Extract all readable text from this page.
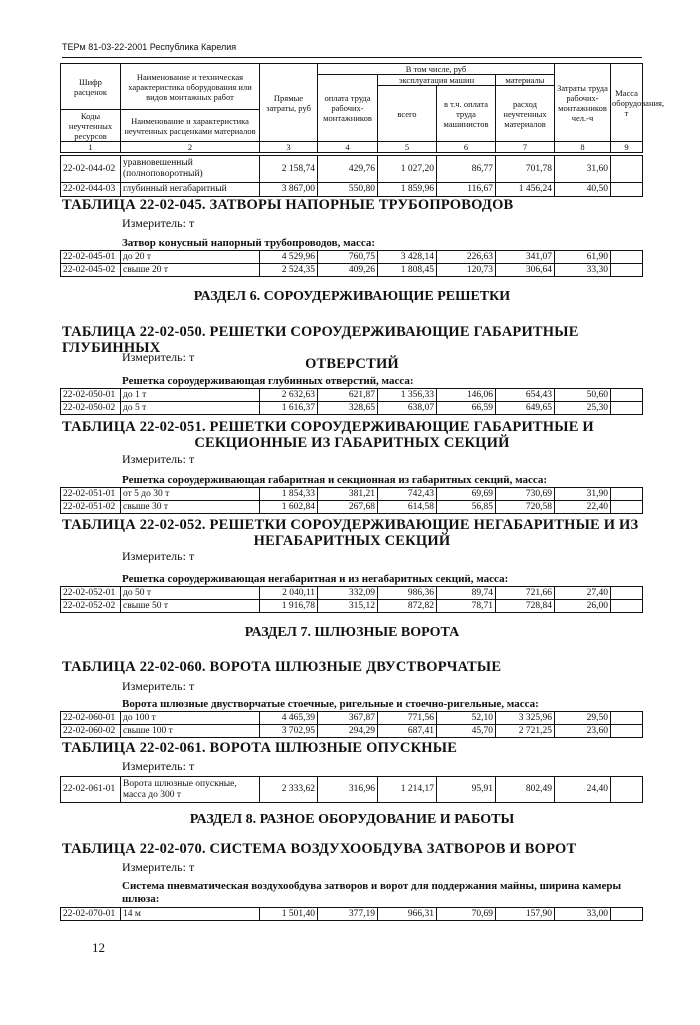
ТЕРм 81-03-22-2001 Республика Карелия
Шифр расценок	Наименование и техническая характеристика оборудования или видов монтажных работ	Прямые затраты, руб	В том числе, руб				Затраты труда рабочих-монтажников чел.-ч	Масса оборудования, т
			оплата труда рабочих-монтажников	эксплуатация машин		материалы		
				всего	в т.ч. оплата труда машинистов	расход неучтенных материалов		
Коды неучтенных ресурсов	Наименование и характеристика неучтенных расценками материалов							

1	2	3	4	5	6	7	8	9
22-02-044-02	уравновешенный (полноповоротный)	2 158,74	429,76	1 027,20	86,77	701,78	31,60	
22-02-044-03	глубинный негабаритный	3 867,00	550,80	1 859,96	116,67	1 456,24	40,50	
ТАБЛИЦА 22-02-045. ЗАТВОРЫ НАПОРНЫЕ ТРУБОПРОВОДОВ
Измеритель: т
Затвор конусный напорный трубопроводов, масса:
22-02-045-01	до 20 т	4 529,96	760,75	3 428,14	226,63	341,07	61,90	
22-02-045-02	свыше 20 т	2 524,35	409,26	1 808,45	120,73	306,64	33,30	
РАЗДЕЛ 6. СОРОУДЕРЖИВАЮЩИЕ РЕШЕТКИ
ТАБЛИЦА 22-02-050. РЕШЕТКИ СОРОУДЕРЖИВАЮЩИЕ ГАБАРИТНЫЕ ГЛУБИННЫХ
ОТВЕРСТИЙ
Измеритель: т
Решетка сороудерживающая глубинных отверстий, масса:
22-02-050-01	до 1 т	2 632,63	621,87	1 356,33	146,06	654,43	50,60	
22-02-050-02	до 5 т	1 616,37	328,65	638,07	66,59	649,65	25,30	
ТАБЛИЦА 22-02-051. РЕШЕТКИ СОРОУДЕРЖИВАЮЩИЕ ГАБАРИТНЫЕ И
СЕКЦИОННЫЕ ИЗ ГАБАРИТНЫХ СЕКЦИЙ
Измеритель: т
Решетка сороудерживающая габаритная и секционная из габаритных секций, масса:
22-02-051-01	от 5 до 30 т	1 854,33	381,21	742,43	69,69	730,69	31,90	
22-02-051-02	свыше 30 т	1 602,84	267,68	614,58	56,85	720,58	22,40	
ТАБЛИЦА 22-02-052. РЕШЕТКИ СОРОУДЕРЖИВАЮЩИЕ НЕГАБАРИТНЫЕ И ИЗ
НЕГАБАРИТНЫХ СЕКЦИЙ
Измеритель: т
Решетка сороудерживающая негабаритная и из негабаритных секций, масса:
22-02-052-01	до 50 т	2 040,11	332,09	986,36	89,74	721,66	27,40	
22-02-052-02	свыше 50 т	1 916,78	315,12	872,82	78,71	728,84	26,00	
РАЗДЕЛ 7. ШЛЮЗНЫЕ ВОРОТА
ТАБЛИЦА 22-02-060. ВОРОТА ШЛЮЗНЫЕ ДВУСТВОРЧАТЫЕ
Измеритель: т
Ворота шлюзные двустворчатые стоечные, ригельные и стоечно-ригельные, масса:
22-02-060-01	до 100 т	4 465,39	367,87	771,56	52,10	3 325,96	29,50	
22-02-060-02	свыше 100 т	3 702,95	294,29	687,41	45,70	2 721,25	23,60	
ТАБЛИЦА 22-02-061. ВОРОТА ШЛЮЗНЫЕ ОПУСКНЫЕ
Измеритель: т
22-02-061-01	Ворота шлюзные опускные, масса до 300 т	2 333,62	316,96	1 214,17	95,91	802,49	24,40	
РАЗДЕЛ 8. РАЗНОЕ ОБОРУДОВАНИЕ И РАБОТЫ
ТАБЛИЦА 22-02-070. СИСТЕМА ВОЗДУХООБДУВА ЗАТВОРОВ И ВОРОТ
Измеритель: т
Система пневматическая воздухообдува затворов и ворот для поддержания майны, ширина камеры шлюза:
22-02-070-01	14 м	1 501,40	377,19	966,31	70,69	157,90	33,00	
12
